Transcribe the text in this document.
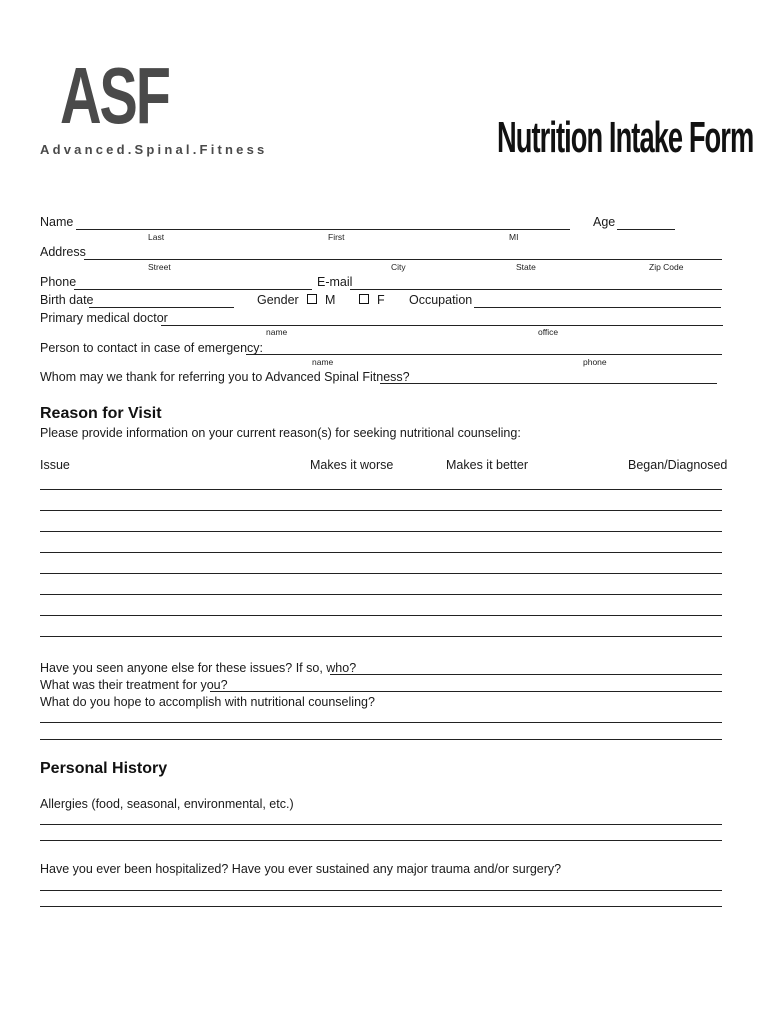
ASF
Advanced.Spinal.Fitness	Nutrition Intake Form
Name	Age
Last	First	MI
Address
Street	City	State	Zip Code
Phone	E-mail
Birth date	Gender M	F Occupation
Primary medical doctor
name	office
Person to contact in case of emergency:
name	phone
Whom may we thank for referring you to Advanced Spinal Fitness?
Reason for Visit
Please provide information on your current reason(s) for seeking nutritional counseling:
Issue	Makes it worse	Makes it better	Began/Diagnosed
Have you seen anyone else for these issues? If so, who?
What was their treatment for you?
What do you hope to accomplish with nutritional counseling?
Personal History
Allergies (food, seasonal, environmental, etc.)
Have you ever been hospitalized? Have you ever sustained any major trauma and/or surgery?
